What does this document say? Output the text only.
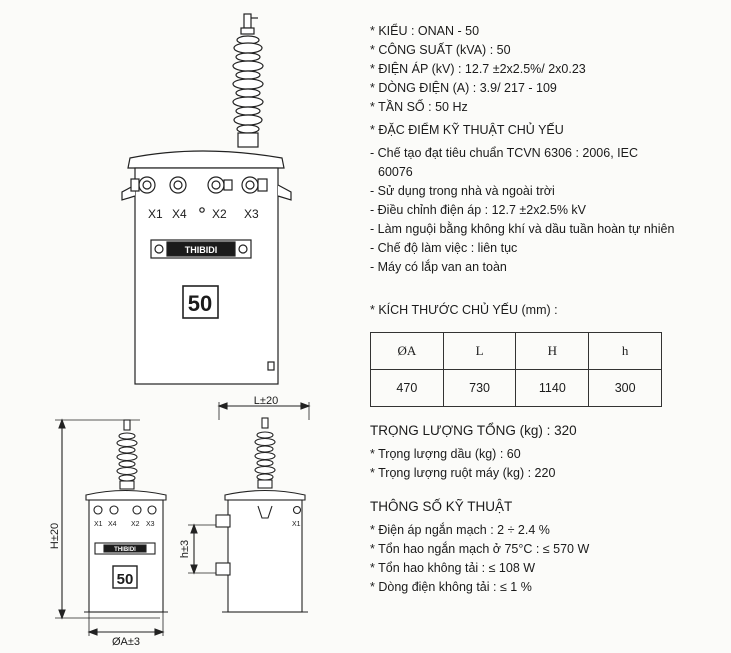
X1 X4 X2 X3
THIBIDI
50
H±20
ØA±3
X1 X4 X2 X3
THIBIDI
50
L±20
h±3
X1
* KIỂU : ONAN - 50
* CÔNG SUẤT (kVA) : 50
* ĐIỆN ÁP (kV) : 12.7 ±2x2.5%/ 2x0.23
* DÒNG ĐIỆN (A) : 3.9/ 217 - 109
* TẦN SỐ : 50 Hz
* ĐẶC ĐIỂM KỸ THUẬT CHỦ YẾU
- Chế tạo đạt tiêu chuẩn TCVN 6306 : 2006, IEC 60076
- Sử dụng trong nhà và ngoài trời
- Điều chỉnh điện áp : 12.7 ±2x2.5% kV
- Làm nguội bằng không khí và dầu tuần hoàn tự nhiên
- Chế độ làm việc : liên tục
- Máy có lắp van an toàn
* KÍCH THƯỚC CHỦ YẾU (mm) :
ØA	L	H	h
470	730	1140	300
TRỌNG LƯỢNG TỔNG (kg) : 320
* Trọng lượng dầu (kg) : 60
* Trọng lượng ruột máy (kg) : 220
THÔNG SỐ KỸ THUẬT
* Điện áp ngắn mạch : 2 ÷ 2.4 %
* Tổn hao ngắn mạch ở 75°C : ≤ 570 W
* Tổn hao không tải : ≤ 108 W
* Dòng điện không tải : ≤ 1 %
